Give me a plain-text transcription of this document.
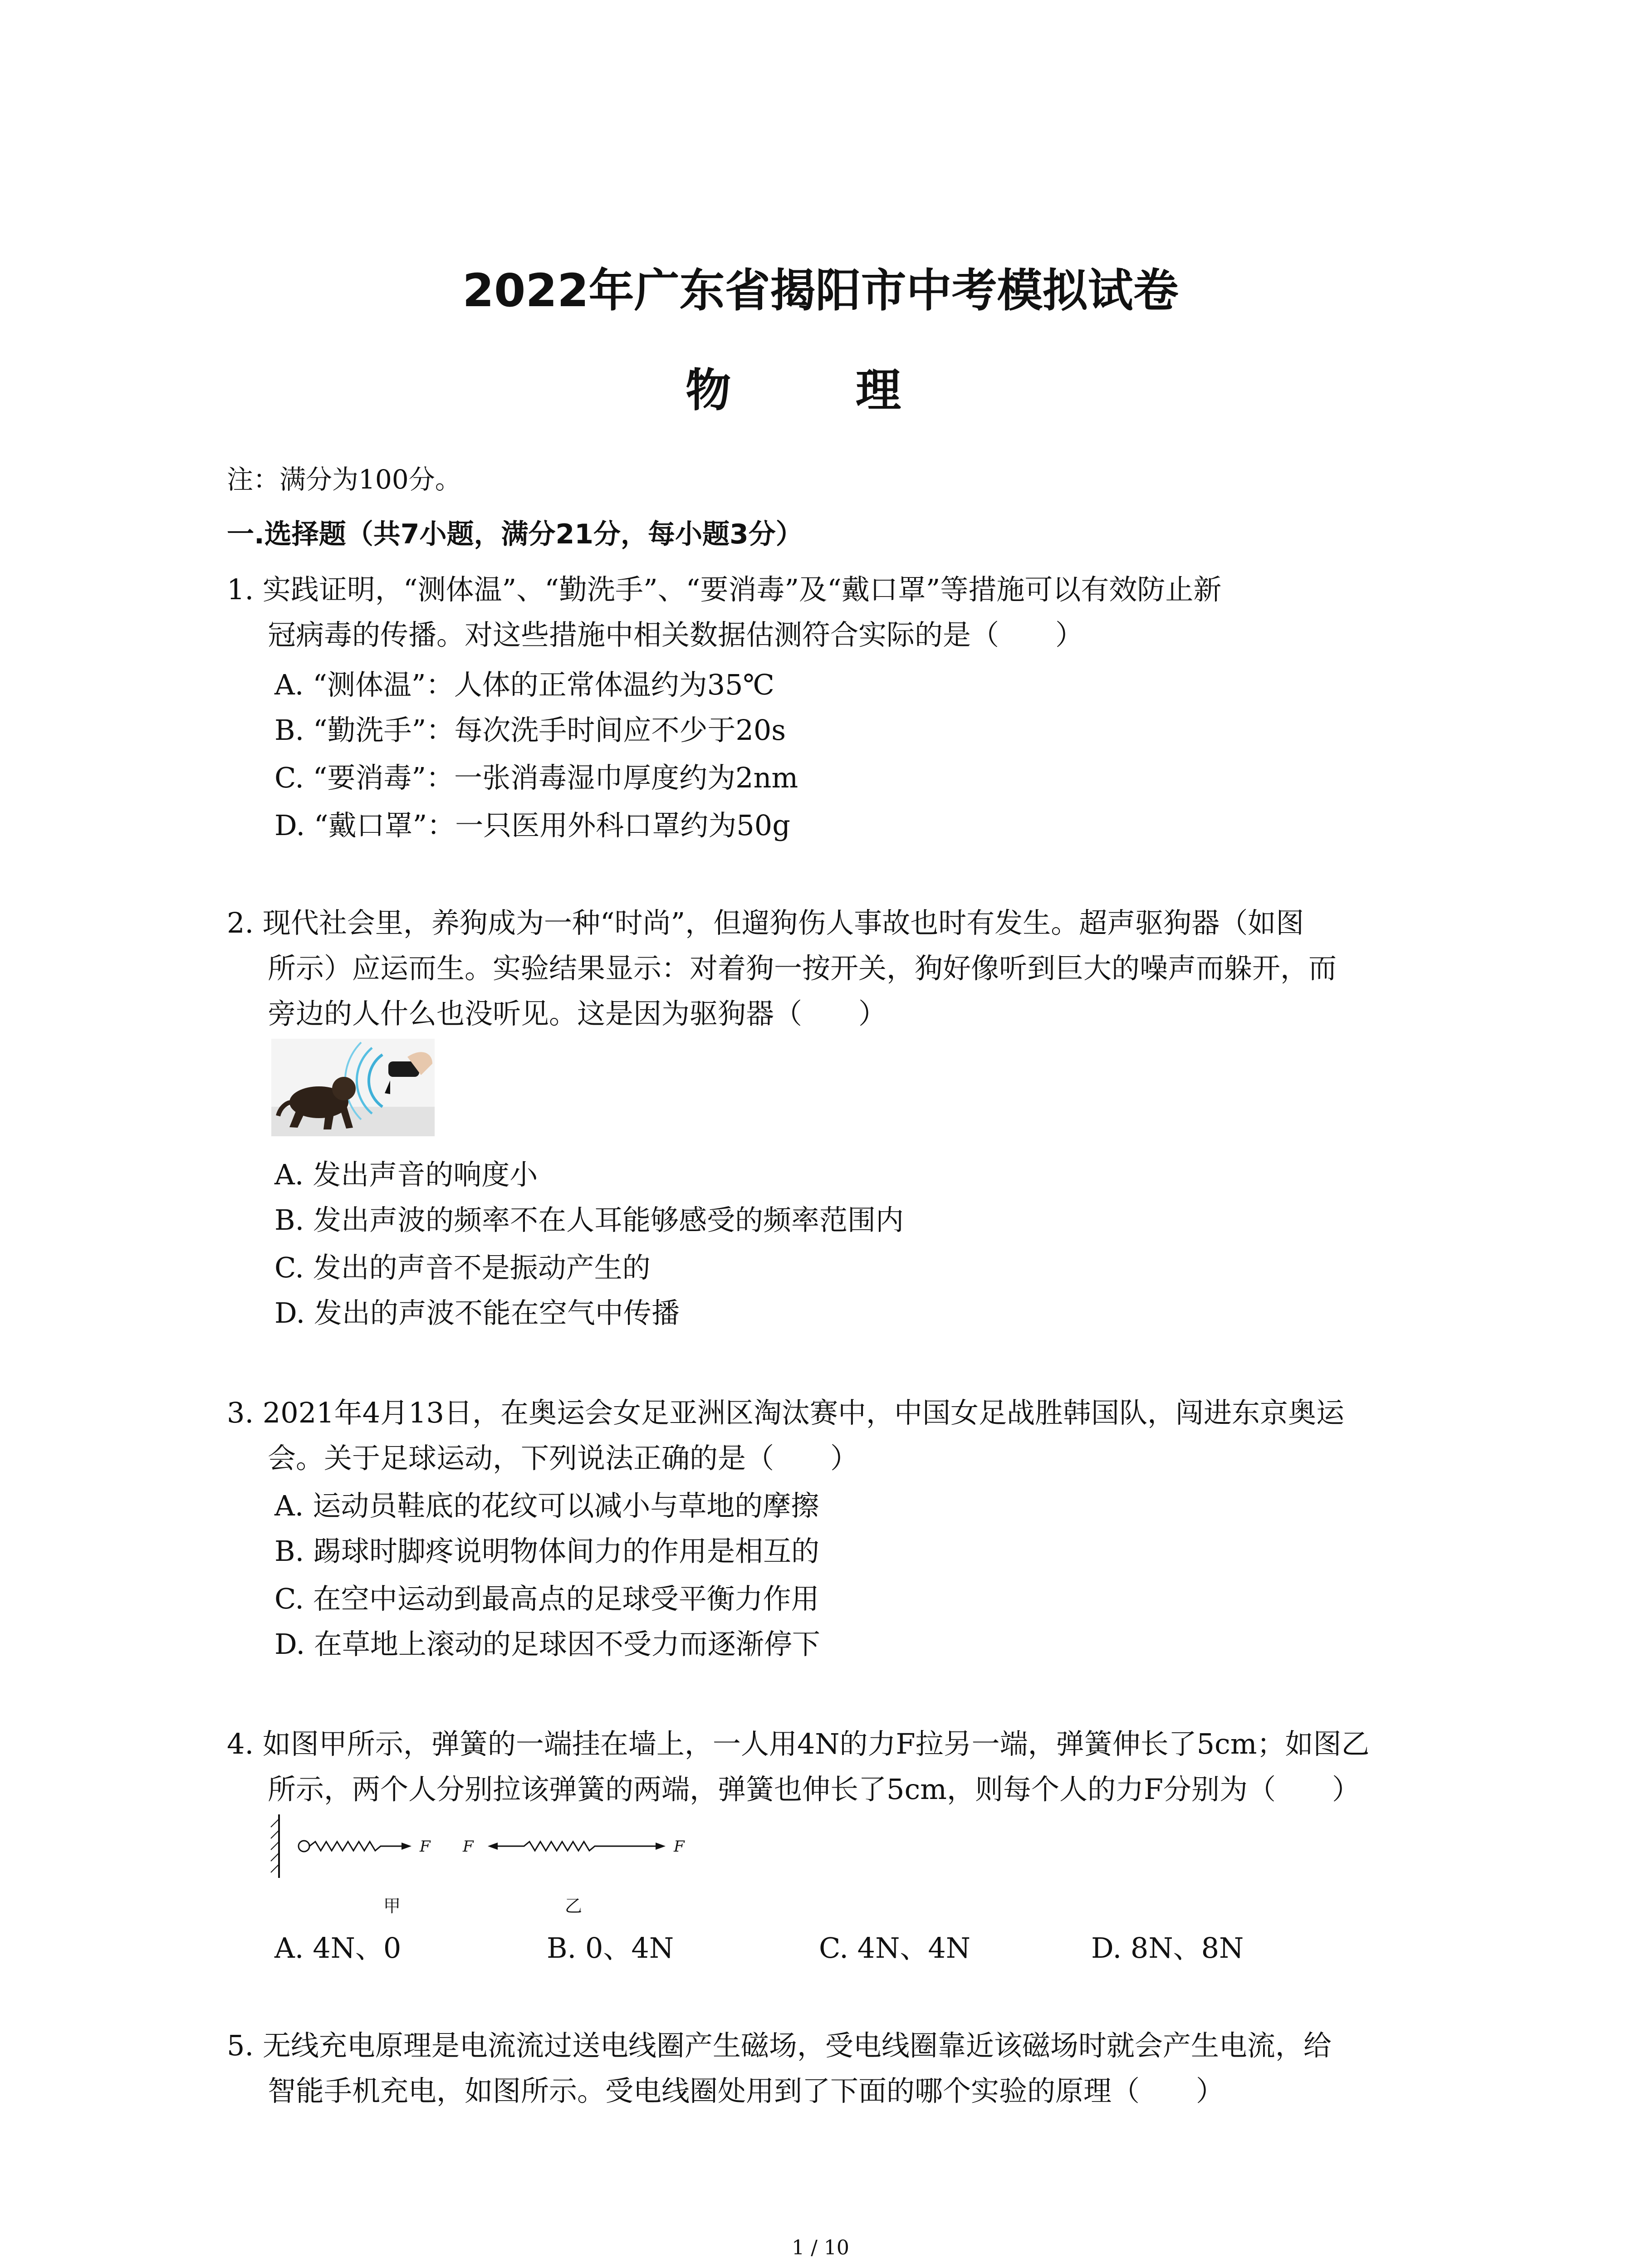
2022年广东省揭阳市中考模拟试卷
物 理
注：满分为100分。
一.选择题（共7小题，满分21分，每小题3分）
1. 实践证明，“测体温”、“勤洗手”、“要消毒”及“戴口罩”等措施可以有效防止新
冠病毒的传播。对这些措施中相关数据估测符合实际的是（　　）
A. “测体温”：人体的正常体温约为35℃
B. “勤洗手”：每次洗手时间应不少于20s
C. “要消毒”：一张消毒湿巾厚度约为2nm
D. “戴口罩”：一只医用外科口罩约为50g
2. 现代社会里，养狗成为一种“时尚”，但遛狗伤人事故也时有发生。超声驱狗器（如图
所示）应运而生。实验结果显示：对着狗一按开关，狗好像听到巨大的噪声而躲开，而
旁边的人什么也没听见。这是因为驱狗器（　　）
A. 发出声音的响度小
B. 发出声波的频率不在人耳能够感受的频率范围内
C. 发出的声音不是振动产生的
D. 发出的声波不能在空气中传播
3. 2021年4月13日，在奥运会女足亚洲区淘汰赛中，中国女足战胜韩国队，闯进东京奥运
会。关于足球运动，下列说法正确的是（　　）
A. 运动员鞋底的花纹可以减小与草地的摩擦
B. 踢球时脚疼说明物体间力的作用是相互的
C. 在空中运动到最高点的足球受平衡力作用
D. 在草地上滚动的足球因不受力而逐渐停下
4. 如图甲所示，弹簧的一端挂在墙上，一人用4N的力F拉另一端，弹簧伸长了5cm；如图乙
所示，两个人分别拉该弹簧的两端，弹簧也伸长了5cm，则每个人的力F分别为（　　）
F F	F
甲	乙
A. 4N、0	B. 0、4N	C. 4N、4N	D. 8N、8N
5. 无线充电原理是电流流过送电线圈产生磁场，受电线圈靠近该磁场时就会产生电流，给
智能手机充电，如图所示。受电线圈处用到了下面的哪个实验的原理（　　）
1 / 10
